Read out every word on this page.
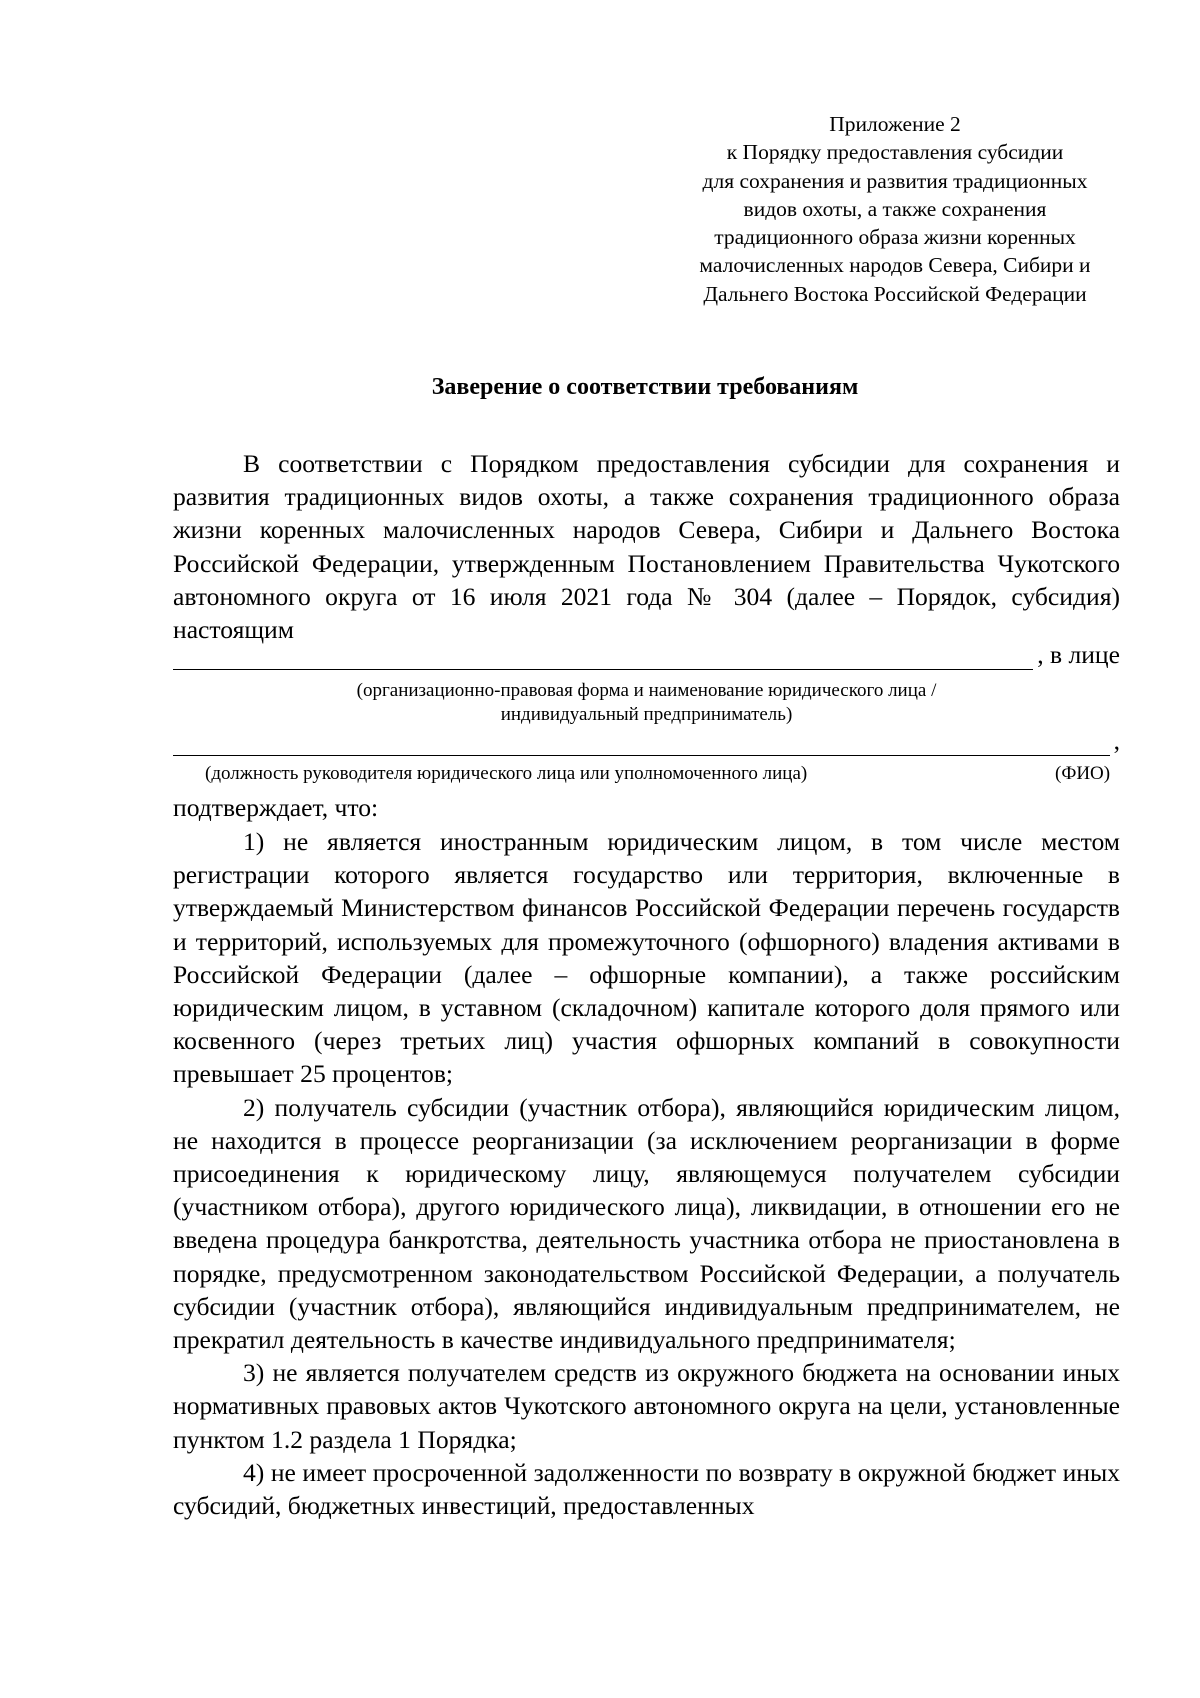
Приложение 2
к Порядку предоставления субсидии
для сохранения и развития традиционных
видов охоты, а также сохранения
традиционного образа жизни коренных
малочисленных народов Севера, Сибири и
Дальнего Востока Российской Федерации
Заверение о соответствии требованиям

В соответствии с Порядком предоставления субсидии для сохранения и развития традиционных видов охоты, а также сохранения традиционного образа жизни коренных малочисленных народов Севера, Сибири и Дальнего Востока Российской Федерации, утвержденным Постановлением Правительства Чукотского автономного округа от 16 июля 2021 года № 304 (далее – Порядок, субсидия) настоящим

, в лице
(организационно-правовая форма и наименование юридического лица /
индивидуальный предприниматель)
,
(должность руководителя юридического лица или уполномоченного лица)	(ФИО)
подтверждает, что:

1) не является иностранным юридическим лицом, в том числе местом регистрации которого является государство или территория, включенные в утверждаемый Министерством финансов Российской Федерации перечень государств и территорий, используемых для промежуточного (офшорного) владения активами в Российской Федерации (далее – офшорные компании), а также российским юридическим лицом, в уставном (складочном) капитале которого доля прямого или косвенного (через третьих лиц) участия офшорных компаний в совокупности превышает 25 процентов;

2) получатель субсидии (участник отбора), являющийся юридическим лицом, не находится в процессе реорганизации (за исключением реорганизации в форме присоединения к юридическому лицу, являющемуся получателем субсидии (участником отбора), другого юридического лица), ликвидации, в отношении его не введена процедура банкротства, деятельность участника отбора не приостановлена в порядке, предусмотренном законодательством Российской Федерации, а получатель субсидии (участник отбора), являющийся индивидуальным предпринимателем, не прекратил деятельность в качестве индивидуального предпринимателя;

3) не является получателем средств из окружного бюджета на основании иных нормативных правовых актов Чукотского автономного округа на цели, установленные пунктом 1.2 раздела 1 Порядка;

4) не имеет просроченной задолженности по возврату в окружной бюджет иных субсидий, бюджетных инвестиций, предоставленных
